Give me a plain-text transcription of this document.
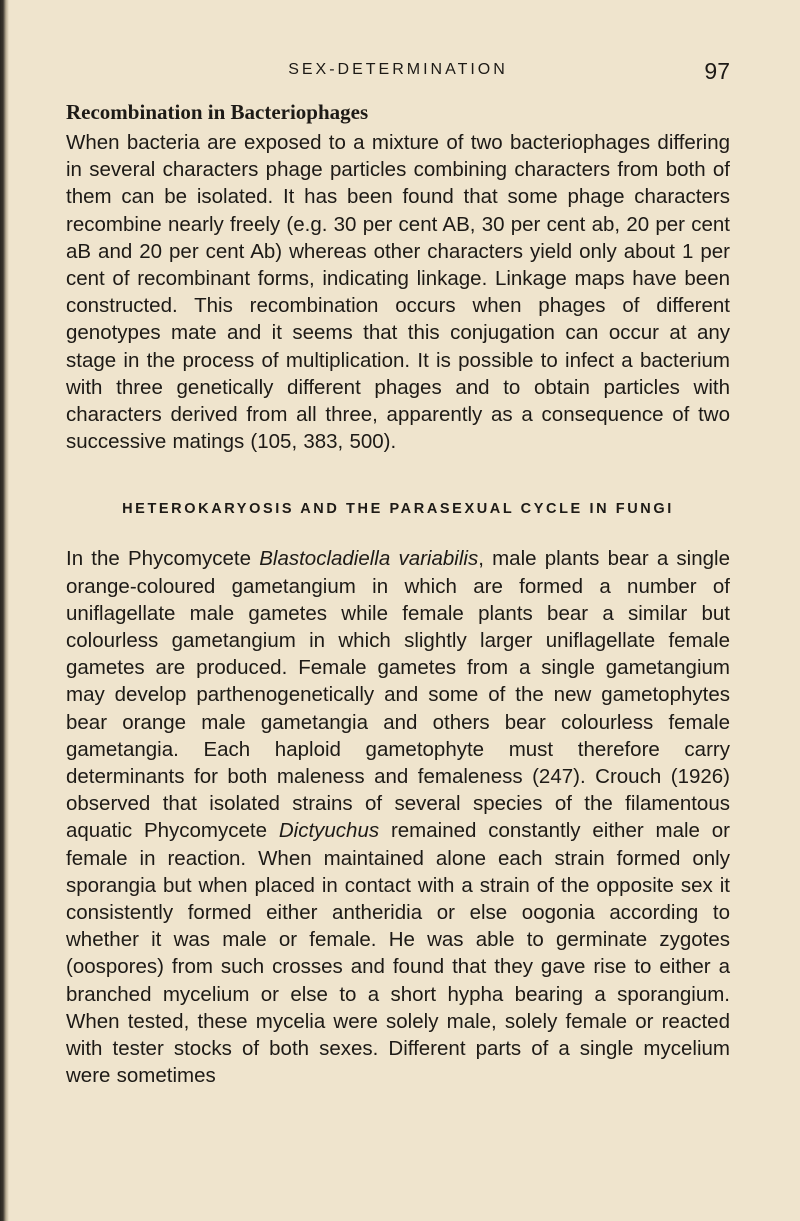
SEX-DETERMINATION	97
Recombination in Bacteriophages

When bacteria are exposed to a mixture of two bacteriophages differing in several characters phage particles combining characters from both of them can be isolated. It has been found that some phage characters recombine nearly freely (e.g. 30 per cent AB, 30 per cent ab, 20 per cent aB and 20 per cent Ab) whereas other characters yield only about 1 per cent of recombinant forms, indicating linkage. Linkage maps have been constructed. This recombination occurs when phages of different genotypes mate and it seems that this conjugation can occur at any stage in the process of multiplication. It is possible to infect a bacterium with three genetically different phages and to obtain particles with characters derived from all three, apparently as a consequence of two successive matings (105, 383, 500).

HETEROKARYOSIS AND THE PARASEXUAL CYCLE IN FUNGI

In the Phycomycete Blastocladiella variabilis, male plants bear a single orange-coloured gametangium in which are formed a number of uniflagellate male gametes while female plants bear a similar but colourless gametangium in which slightly larger uniflagellate female gametes are produced. Female gametes from a single gametangium may develop parthenogenetically and some of the new gametophytes bear orange male gametangia and others bear colourless female gametangia. Each haploid gametophyte must therefore carry determinants for both maleness and femaleness (247). Crouch (1926) observed that isolated strains of several species of the filamentous aquatic Phycomycete Dictyuchus remained constantly either male or female in reaction. When maintained alone each strain formed only sporangia but when placed in contact with a strain of the opposite sex it consistently formed either antheridia or else oogonia according to whether it was male or female. He was able to germinate zygotes (oospores) from such crosses and found that they gave rise to either a branched mycelium or else to a short hypha bearing a sporangium. When tested, these mycelia were solely male, solely female or reacted with tester stocks of both sexes. Different parts of a single mycelium were sometimes
